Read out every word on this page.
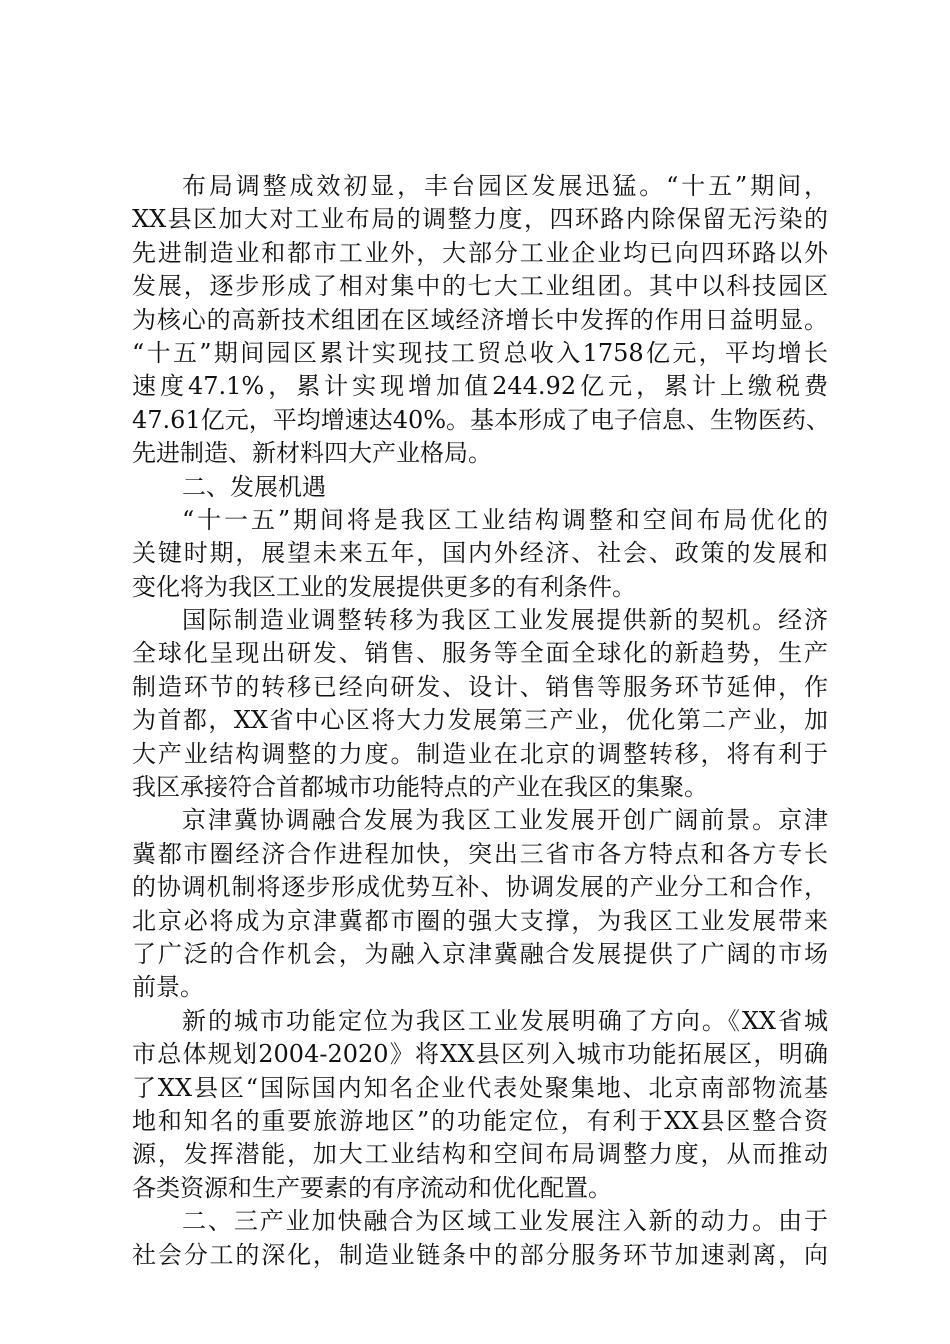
布局调整成效初显，丰台园区发展迅猛。“十五”期间，
XX县区加大对工业布局的调整力度，四环路内除保留无污染的
先进制造业和都市工业外，大部分工业企业均已向四环路以外
发展，逐步形成了相对集中的七大工业组团。其中以科技园区
为核心的高新技术组团在区域经济增长中发挥的作用日益明显。
“十五”期间园区累计实现技工贸总收入1758亿元，平均增长
速度47.1%，累计实现增加值244.92亿元，累计上缴税费
47.61亿元，平均增速达40%。基本形成了电子信息、生物医药、
先进制造、新材料四大产业格局。
二、发展机遇
“十一五”期间将是我区工业结构调整和空间布局优化的
关键时期，展望未来五年，国内外经济、社会、政策的发展和
变化将为我区工业的发展提供更多的有利条件。
国际制造业调整转移为我区工业发展提供新的契机。经济
全球化呈现出研发、销售、服务等全面全球化的新趋势，生产
制造环节的转移已经向研发、设计、销售等服务环节延伸，作
为首都，XX省中心区将大力发展第三产业，优化第二产业，加
大产业结构调整的力度。制造业在北京的调整转移，将有利于
我区承接符合首都城市功能特点的产业在我区的集聚。
京津冀协调融合发展为我区工业发展开创广阔前景。京津
冀都市圈经济合作进程加快，突出三省市各方特点和各方专长
的协调机制将逐步形成优势互补、协调发展的产业分工和合作，
北京必将成为京津冀都市圈的强大支撑，为我区工业发展带来
了广泛的合作机会，为融入京津冀融合发展提供了广阔的市场
前景。
新的城市功能定位为我区工业发展明确了方向。《XX省城
市总体规划2004-2020》将XX县区列入城市功能拓展区，明确
了XX县区“国际国内知名企业代表处聚集地、北京南部物流基
地和知名的重要旅游地区”的功能定位，有利于XX县区整合资
源，发挥潜能，加大工业结构和空间布局调整力度，从而推动
各类资源和生产要素的有序流动和优化配置。
二、三产业加快融合为区域工业发展注入新的动力。由于
社会分工的深化，制造业链条中的部分服务环节加速剥离，向
